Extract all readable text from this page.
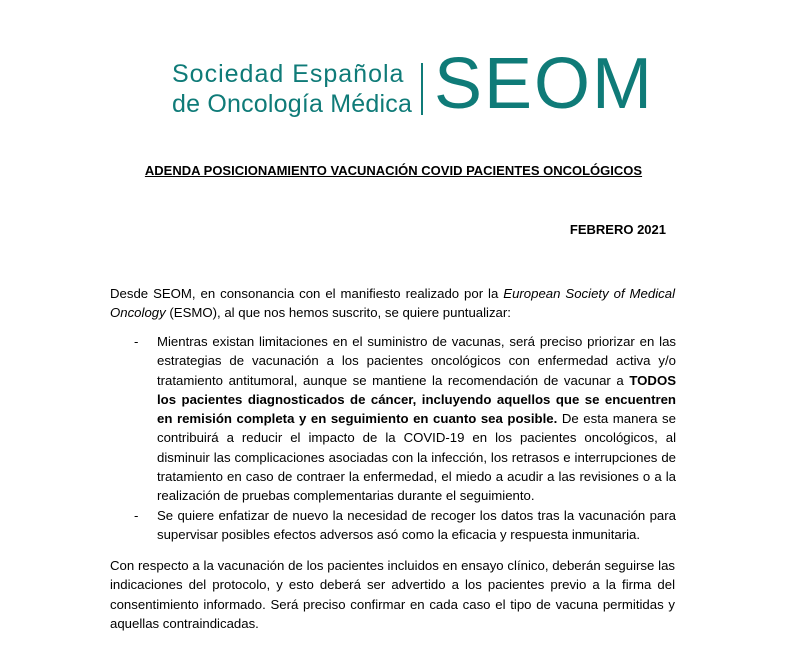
Sociedad Española
de Oncología Médica SEOM
ADENDA POSICIONAMIENTO VACUNACIÓN COVID PACIENTES ONCOLÓGICOS
FEBRERO 2021

Desde SEOM, en consonancia con el manifiesto realizado por la European Society of Medical Oncology (ESMO), al que nos hemos suscrito, se quiere puntualizar:

- Mientras existan limitaciones en el suministro de vacunas, será preciso priorizar en las estrategias de vacunación a los pacientes oncológicos con enfermedad activa y/o tratamiento antitumoral, aunque se mantiene la recomendación de vacunar a TODOS los pacientes diagnosticados de cáncer, incluyendo aquellos que se encuentren en remisión completa y en seguimiento en cuanto sea posible. De esta manera se contribuirá a reducir el impacto de la COVID-19 en los pacientes oncológicos, al disminuir las complicaciones asociadas con la infección, los retrasos e interrupciones de tratamiento en caso de contraer la enfermedad, el miedo a acudir a las revisiones o a la realización de pruebas complementarias durante el seguimiento.
- Se quiere enfatizar de nuevo la necesidad de recoger los datos tras la vacunación para supervisar posibles efectos adversos asó como la eficacia y respuesta inmunitaria.

Con respecto a la vacunación de los pacientes incluidos en ensayo clínico, deberán seguirse las indicaciones del protocolo, y esto deberá ser advertido a los pacientes previo a la firma del consentimiento informado. Será preciso confirmar en cada caso el tipo de vacuna permitidas y aquellas contraindicadas.
